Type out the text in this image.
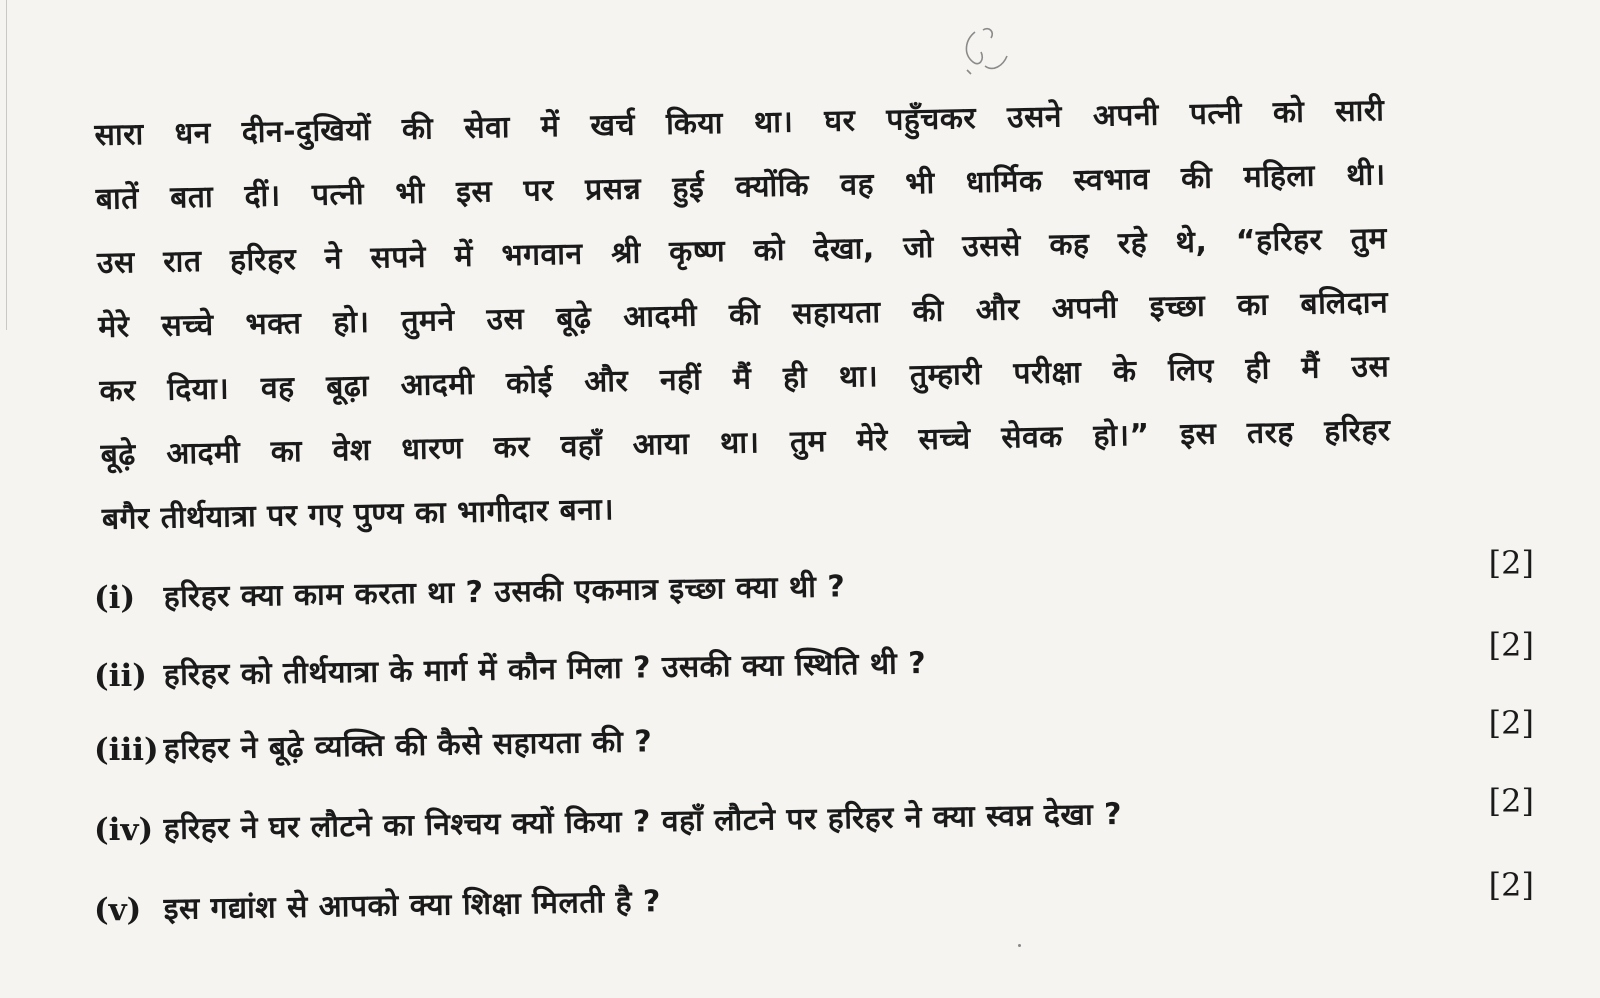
सारा धन दीन-दुखियों की सेवा में खर्च किया था। घर पहुँचकर उसने अपनी पत्नी को सारी
बातें बता दीं। पत्नी भी इस पर प्रसन्न हुई क्योंकि वह भी धार्मिक स्वभाव की महिला थी।
उस रात हरिहर ने सपने में भगवान श्री कृष्ण को देखा, जो उससे कह रहे थे, “हरिहर तुम
मेरे सच्चे भक्त हो। तुमने उस बूढ़े आदमी की सहायता की और अपनी इच्छा का बलिदान
कर दिया। वह बूढ़ा आदमी कोई और नहीं मैं ही था। तुम्हारी परीक्षा के लिए ही मैं उस
बूढ़े आदमी का वेश धारण कर वहाँ आया था। तुम मेरे सच्चे सेवक हो।” इस तरह हरिहर
बगैर तीर्थयात्रा पर गए पुण्य का भागीदार बना।
(i) हरिहर क्या काम करता था ? उसकी एकमात्र इच्छा क्या थी ?
[2]
(ii) हरिहर को तीर्थयात्रा के मार्ग में कौन मिला ? उसकी क्या स्थिति थी ?
[2]
(iii) हरिहर ने बूढ़े व्यक्ति की कैसे सहायता की ?
[2]
(iv) हरिहर ने घर लौटने का निश्चय क्यों किया ? वहाँ लौटने पर हरिहर ने क्या स्वप्न देखा ?	[2]
(v) इस गद्यांश से आपको क्या शिक्षा मिलती है ?	[2]
